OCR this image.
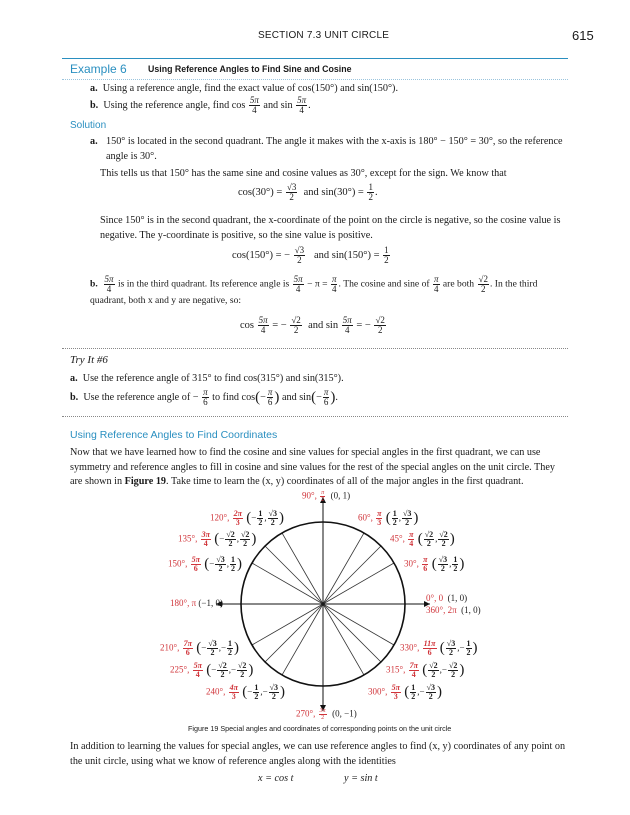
SECTION 7.3 UNIT CIRCLE	615
Example 6 Using Reference Angles to Find Sine and Cosine
a. Using a reference angle, find the exact value of cos(150°) and sin(150°).
b. Using the reference angle, find $\cos \frac{5\pi}{4}$ and $\sin \frac{5\pi}{4}$ .
Solution
a. 150° is located in the second quadrant. The angle it makes with the x-axis is 180° − 150° = 30°, so the reference angle is 30°.
This tells us that 150° has the same sine and cosine values as 30°, except for the sign. We know that
$\cos(30^\circ) = \frac{√3}{2}$ and $\sin(30^\circ) = \frac{1}{2}$ .
Since 150° is in the second quadrant, the x-coordinate of the point on the circle is negative, so the cosine value is negative. The y-coordinate is positive, so the sine value is positive.
cos(150°) = − $\frac{√3}{2}$ and $\sin(150^\circ) = \frac{1}{2}$
b. $\frac{5\pi}{4}$ is in the third quadrant. Its reference angle is $\frac{5\pi}{4} - \pi = \frac{\pi}{4}$ . The cosine and sine of $\frac{\pi}{4}$ are both $\frac{√2}{2}$ . In the third quadrant, both x and y are negative, so:
$\cos \frac{5\pi}{4}$ = − $\frac{√2}{2}$ and $\sin \frac{5\pi}{4}$ = − $\frac{√2}{2}$
Try It #6
a. Use the reference angle of 315° to find cos(315°) and sin(315°).
b. Use the reference angle of − $\frac{\pi}{6}$ to find $\cos(- \frac{\pi}{6}$ ) and $\sin(- \frac{\pi}{6}$ ).
Using Reference Angles to Find Coordinates
Now that we have learned how to find the cosine and sine values for special angles in the first quadrant, we can use symmetry and reference angles to fill in cosine and sine values for the rest of the special angles on the unit circle. They are shown in Figure 19. Take time to learn the (x, y) coordinates of all of the major angles in the first quadrant.
90°, $\frac{\pi}{2} (0$, 1)
120°, $\frac{2\pi}{3}$ (− $\frac{1}{2}$ , $\frac{√3}{2}$ )	60°, $\frac{\pi}{3}$ ( $\frac{1}{2}$ , $\frac{√3}{2}$ )
135°, $\frac{3\pi}{4}$ (− $\frac{√2}{2}$ , $\frac{√2}{2}$ )	45°, $\frac{\pi}{4}$ ( $\frac{√2}{2}$ , $\frac{√2}{2}$ )
150°, $\frac{5\pi}{6}$ (− $\frac{√3}{2}$ , $\frac{1}{2}$ )	30°, $\frac{\pi}{6}$ ( $\frac{√3}{2}$ , $\frac{1}{2}$ )
180°, π (−1, 0)	0°, 0 (1, 0)
360°, 2π (1, 0)
210°, $\frac{7\pi}{6}$ (− $\frac{√3}{2}$ ,− $\frac{1}{2}$ )	330°, $\frac{11\pi}{6}$ ( $\frac{√3}{2}$ ,− $\frac{1}{2}$ )
225°, $\frac{5\pi}{4}$ (− $\frac{√2}{2}$ ,− $\frac{√2}{2}$ )	315°, $\frac{7\pi}{4}$ ( $\frac{√2}{2}$ ,− $\frac{√2}{2}$ )
240°, $\frac{4\pi}{3}$ (− $\frac{1}{2}$ ,− $\frac{√3}{2}$ )	300°, $\frac{5\pi}{3}$ ( $\frac{1}{2}$ ,− $\frac{√3}{2}$ )
270°, $\frac{3\pi}{2} (0$, −1)
Figure 19 Special angles and coordinates of corresponding points on the unit circle
In addition to learning the values for special angles, we can use reference angles to find (x, y) coordinates of any point on the unit circle, using what we know of reference angles along with the identities
x = cos t	y = sin t
